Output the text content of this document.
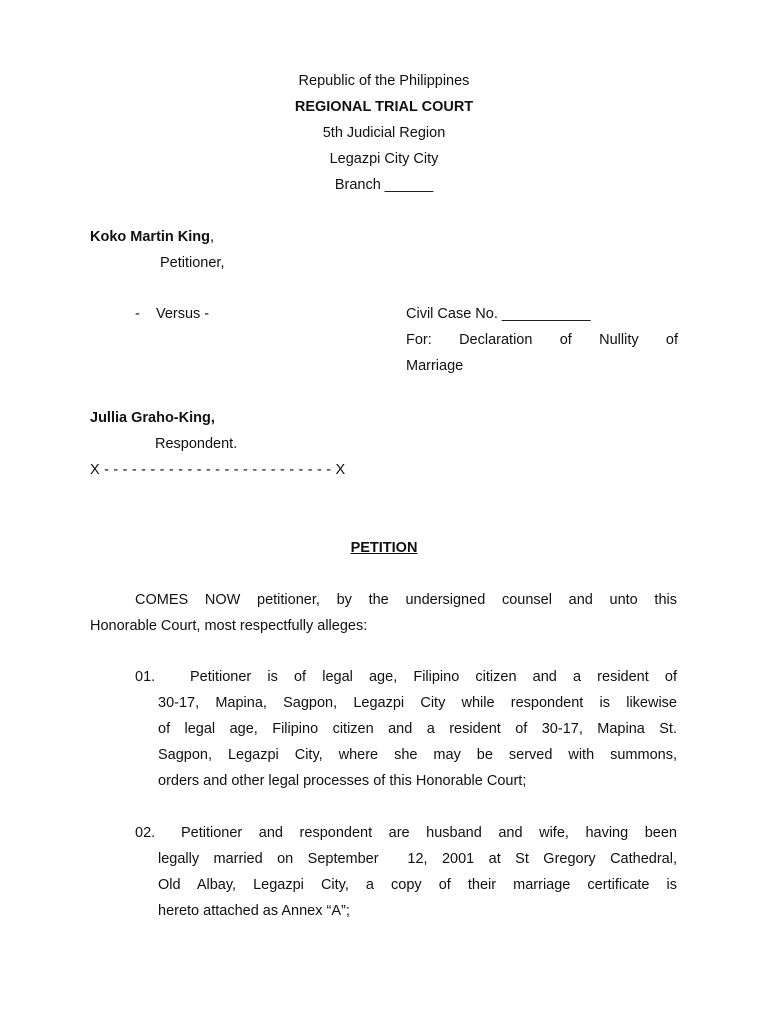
Republic of the Philippines
REGIONAL TRIAL COURT
5th Judicial Region
Legazpi City City
Branch ______
Koko Martin King,
Petitioner,
-    Versus -	Civil Case No. ___________
For:  Declaration  of  Nullity  of
Marriage
Jullia Graho-King,
Respondent.
X - - - - - - - - - - - - - - - - - - - - - - - - - X
PETITION
COMES NOW petitioner, by the undersigned counsel and unto this
Honorable Court, most respectfully alleges:
01. Petitioner is of legal age, Filipino citizen and a resident of
30-17, Mapina, Sagpon, Legazpi City while respondent is likewise
of legal age, Filipino citizen and a resident of 30-17, Mapina St.
Sagpon, Legazpi City, where she may be served with summons,
orders and other legal processes of this Honorable Court;
02. Petitioner and respondent are husband and wife, having been
legally married on September  12, 2001 at St Gregory Cathedral,
Old Albay, Legazpi City, a copy of their marriage certificate is
hereto attached as Annex “A”;
